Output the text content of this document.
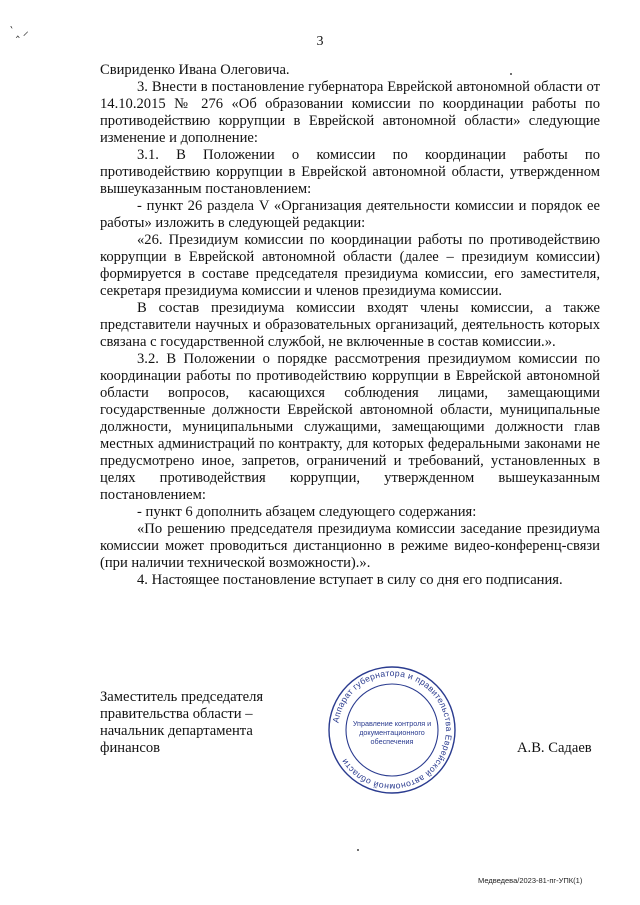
‵ ‸ ⸝
3

Свириденко Ивана Олеговича.

3. Внести в постановление губернатора Еврейской автономной области от 14.10.2015 № 276 «Об образовании комиссии по координации работы по противодействию коррупции в Еврейской автономной области» следующие изменение и дополнение:

3.1. В Положении о комиссии по координации работы по противодействию коррупции в Еврейской автономной области, утвержденном вышеуказанным постановлением:

- пункт 26 раздела V «Организация деятельности комиссии и порядок ее работы» изложить в следующей редакции:

«26. Президиум комиссии по координации работы по противодействию коррупции в Еврейской автономной области (далее – президиум комиссии) формируется в составе председателя президиума комиссии, его заместителя, секретаря президиума комиссии и членов президиума комиссии.

В состав президиума комиссии входят члены комиссии, а также представители научных и образовательных организаций, деятельность которых связана с государственной службой, не включенные в состав комиссии.».

3.2. В Положении о порядке рассмотрения президиумом комиссии по координации работы по противодействию коррупции в Еврейской автономной области вопросов, касающихся соблюдения лицами, замещающими государственные должности Еврейской автономной области, муниципальные должности, муниципальными служащими, замещающими должности глав местных администраций по контракту, для которых федеральными законами не предусмотрено иное, запретов, ограничений и требований, установленных в целях противодействия коррупции, утвержденном вышеуказанным постановлением:

- пункт 6 дополнить абзацем следующего содержания:

«По решению председателя президиума комиссии заседание президиума комиссии может проводиться дистанционно в режиме видео-конференц-связи (при наличии технической возможности).».

4. Настоящее постановление вступает в силу со дня его подписания.

Заместитель председателя
правительства области –
начальник департамента
финансов
Аппарат губернатора и правительства Еврейской автономной области
Управление контроля и
документационного
обеспечения	А.В. Садаев
Медведева/2023-81-пг-УПК(1)
